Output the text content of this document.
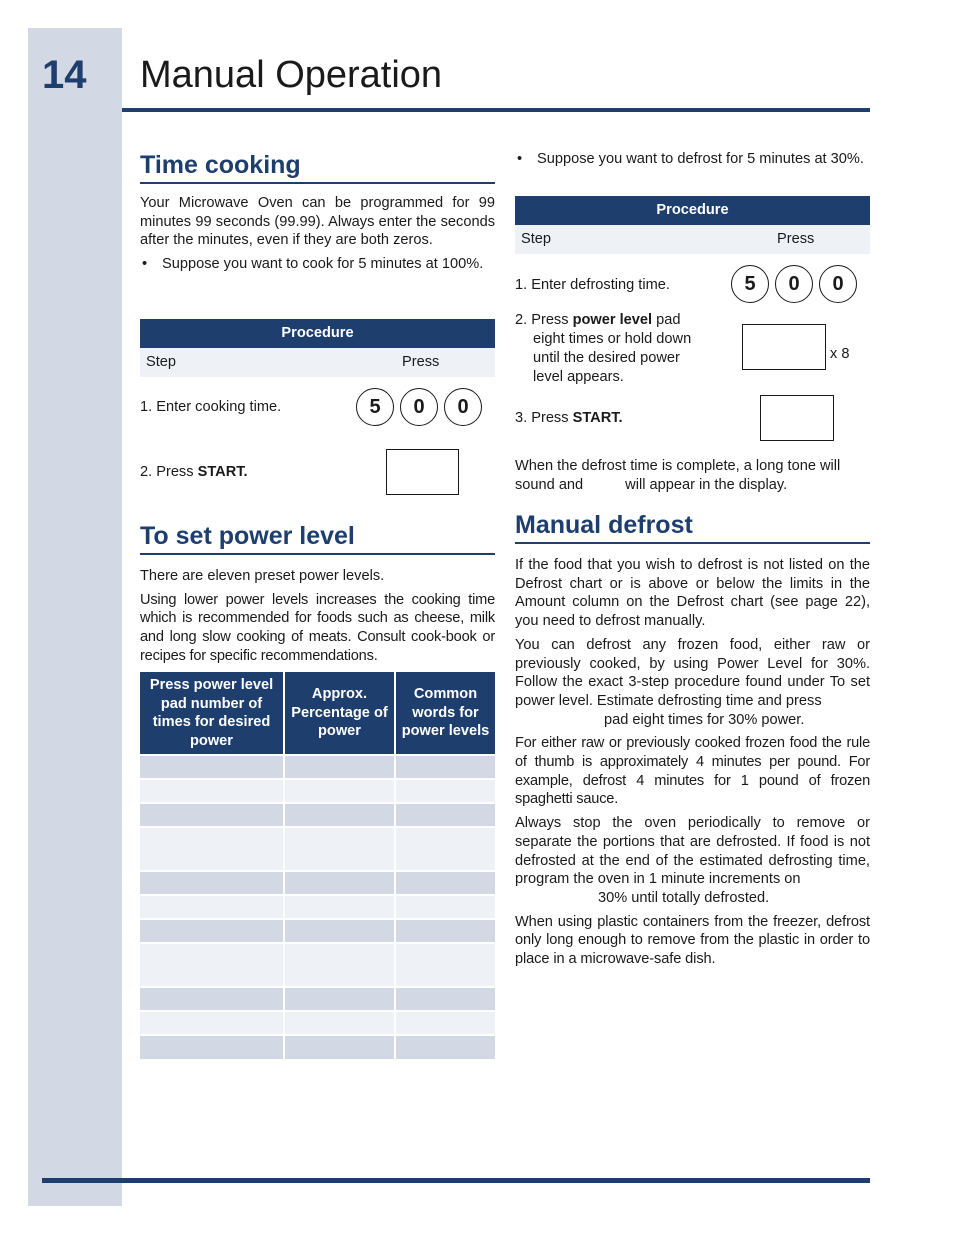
14 Manual Operation
Time cooking

Your Microwave Oven can be programmed for 99 minutes 99 seconds (99.99). Always enter the seconds after the minutes, even if they are both zeros.

• Suppose you want to cook for 5 minutes at 100%.
Procedure
Step	Press
1. Enter cooking time.	5	0	0
2. Press START.
To set power level

There are eleven preset power levels.

Using lower power levels increases the cooking time which is recommended for foods such as cheese, milk and long slow cooking of meats. Consult cook-book or recipes for specific recommendations.

Press power level pad number of times for desired power	Approx. Percentage of power	Common words for power levels

• Suppose you want to defrost for 5 minutes at 30%.
Procedure
Step	Press
1. Enter defrosting time.	5	0	0
2. Press power level pad
eight times or hold down
until the desired power
level appears.
x 8
3. Press START.

When the defrost time is complete, a long tone will

sound and	will appear in the display.

Manual defrost

If the food that you wish to defrost is not listed on the Defrost chart or is above or below the limits in the Amount column on the Defrost chart (see page 22), you need to defrost manually.

You can defrost any frozen food, either raw or previously cooked, by using Power Level for 30%. Follow the exact 3-step procedure found under To set power level. Estimate defrosting time and press

pad eight times for 30% power.

For either raw or previously cooked frozen food the rule of thumb is approximately 4 minutes per pound. For example, defrost 4 minutes for 1 pound of frozen spaghetti sauce.

Always stop the oven periodically to remove or separate the portions that are defrosted. If food is not defrosted at the end of the estimated defrosting time, program the oven in 1 minute increments on

30% until totally defrosted.

When using plastic containers from the freezer, defrost only long enough to remove from the plastic in order to place in a microwave-safe dish.
